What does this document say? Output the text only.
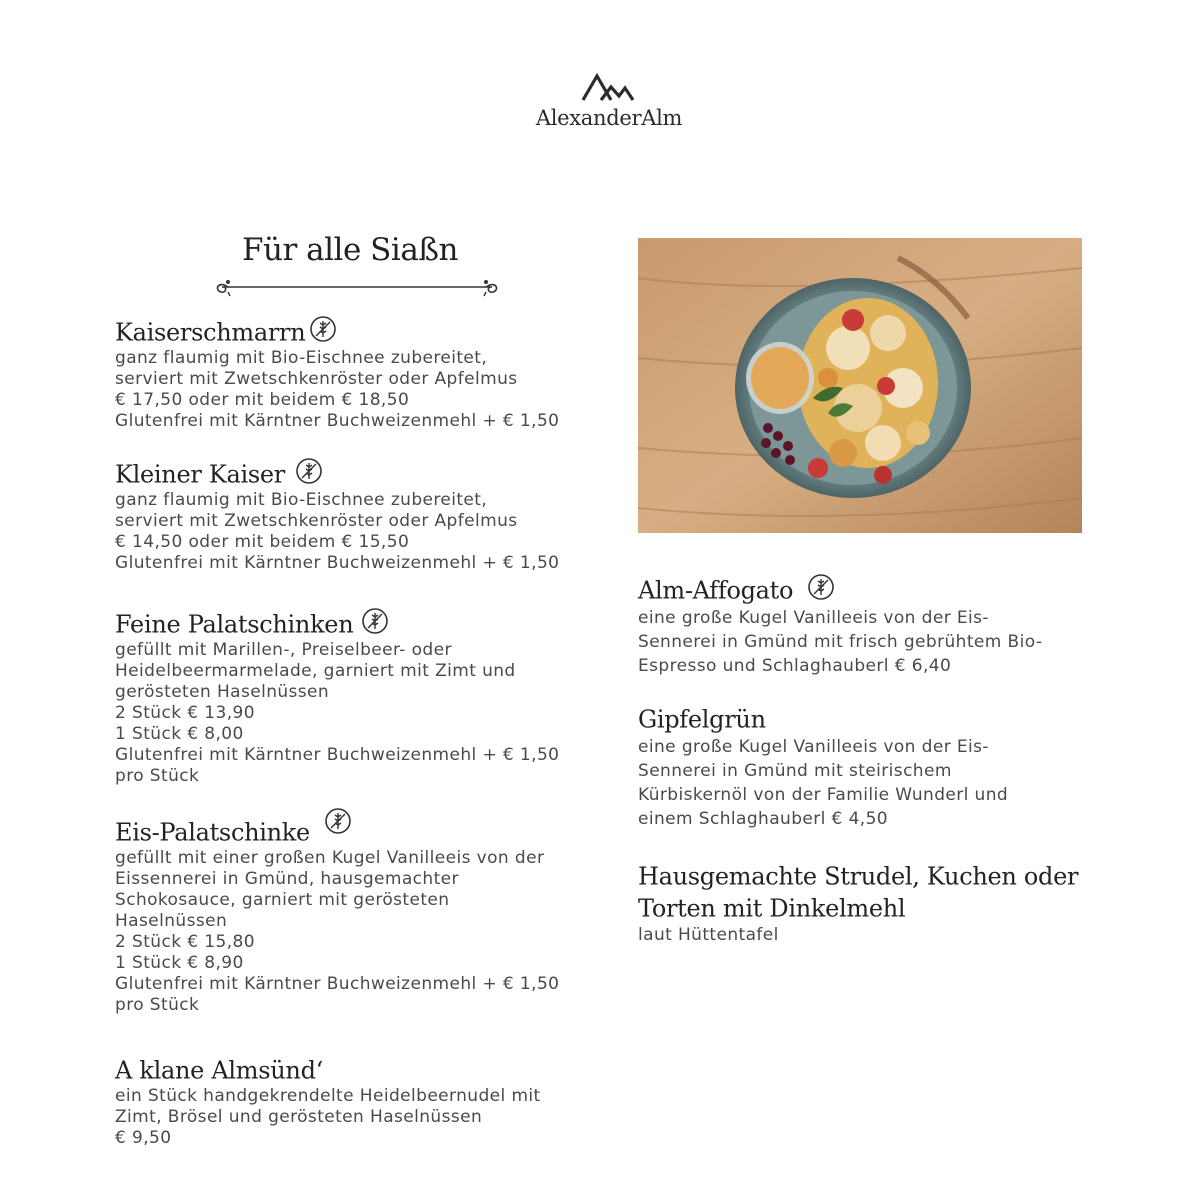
AlexanderAlm
Für alle Siaßn
Kaiserschmarrn

ganz flaumig mit Bio-Eischnee zubereitet,

serviert mit Zwetschkenröster oder Apfelmus

€ 17,50 oder mit beidem € 18,50

Glutenfrei mit Kärntner Buchweizenmehl + € 1,50

Kleiner Kaiser

ganz flaumig mit Bio-Eischnee zubereitet,

serviert mit Zwetschkenröster oder Apfelmus

€ 14,50 oder mit beidem € 15,50

Glutenfrei mit Kärntner Buchweizenmehl + € 1,50

Feine Palatschinken

gefüllt mit Marillen-, Preiselbeer- oder

Heidelbeermarmelade, garniert mit Zimt und

gerösteten Haselnüssen

2 Stück € 13,90

1 Stück € 8,00

Glutenfrei mit Kärntner Buchweizenmehl + € 1,50

pro Stück

Eis-Palatschinke

gefüllt mit einer großen Kugel Vanilleeis von der

Eissennerei in Gmünd, hausgemachter

Schokosauce, garniert mit gerösteten

Haselnüssen

2 Stück € 15,80

1 Stück € 8,90

Glutenfrei mit Kärntner Buchweizenmehl + € 1,50

pro Stück

A klane Almsünd‘

ein Stück handgekrendelte Heidelbeernudel mit

Zimt, Brösel und gerösteten Haselnüssen

€ 9,50

Alm-Affogato

eine große Kugel Vanilleeis von der Eis-

Sennerei in Gmünd mit frisch gebrühtem Bio-

Espresso und Schlaghauberl € 6,40

Gipfelgrün

eine große Kugel Vanilleeis von der Eis-

Sennerei in Gmünd mit steirischem

Kürbiskernöl von der Familie Wunderl und

einem Schlaghauberl € 4,50

Hausgemachte Strudel, Kuchen oder Torten mit Dinkelmehl

laut Hüttentafel
